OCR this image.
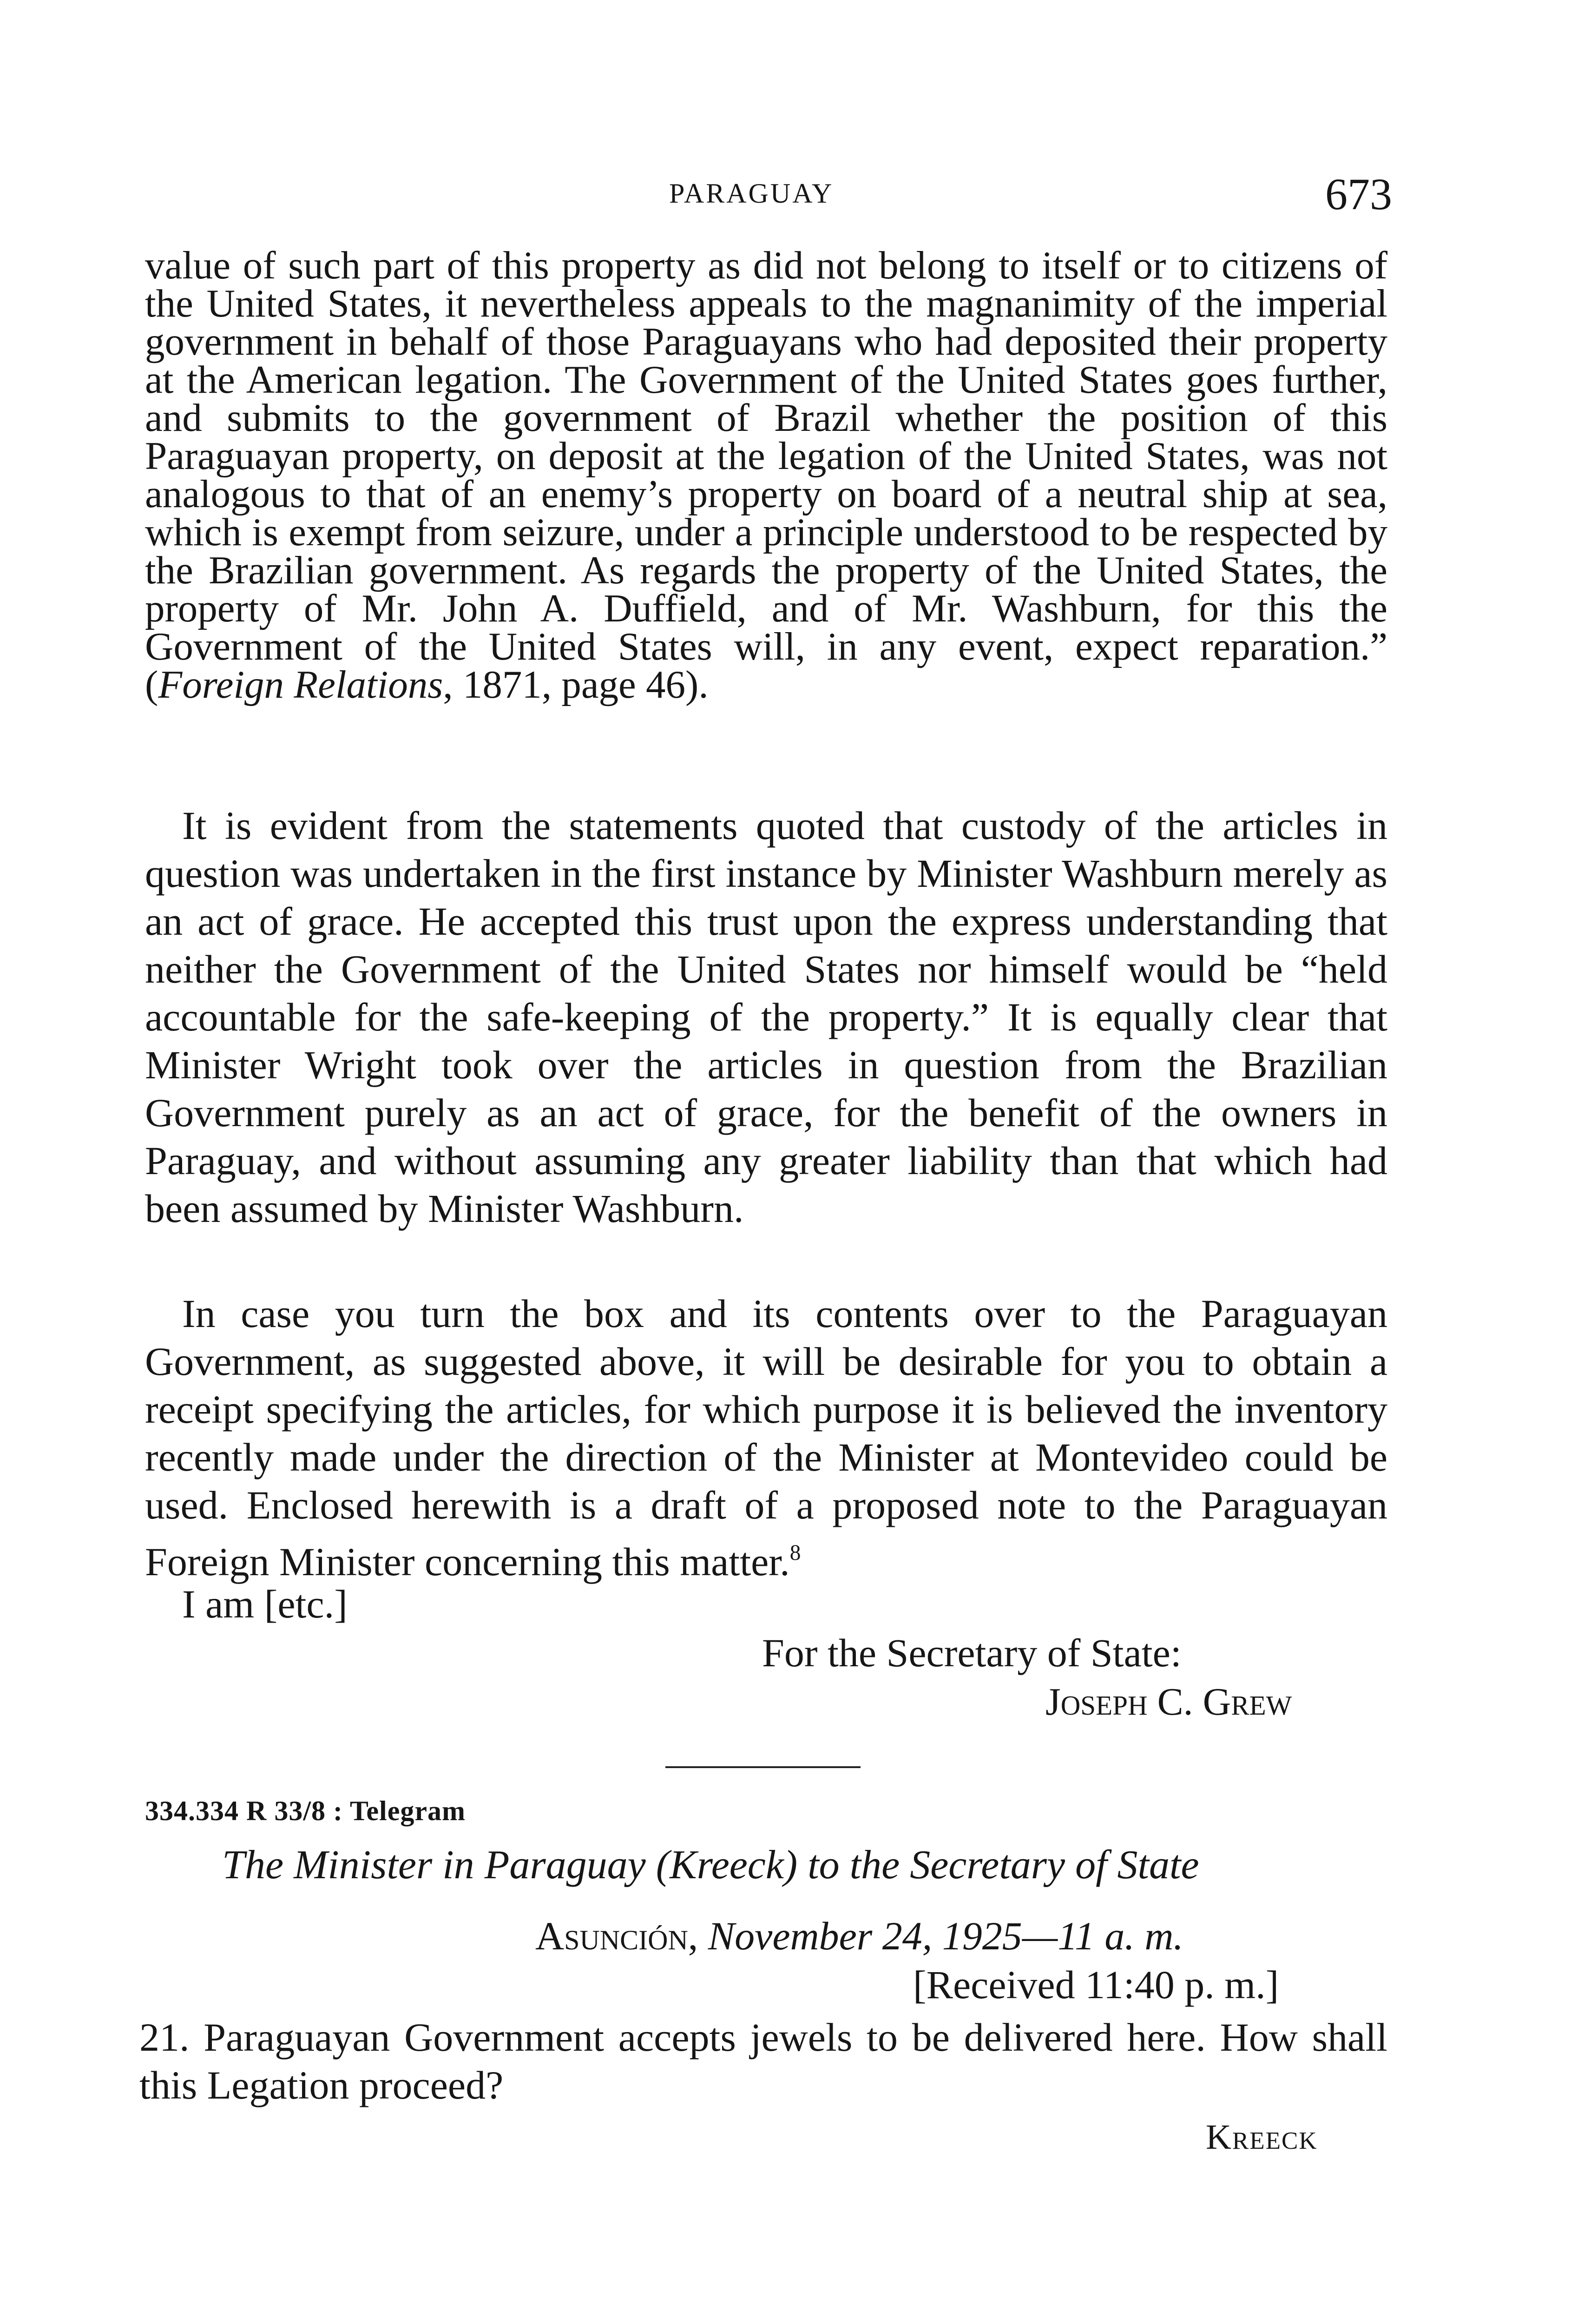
PARAGUAY	673

value of such part of this property as did not belong to itself or to citizens of the United States, it nevertheless appeals to the magnanimity of the imperial government in behalf of those Paraguayans who had deposited their property at the American legation. The Government of the United States goes further, and submits to the government of Brazil whether the position of this Paraguayan property, on deposit at the legation of the United States, was not analogous to that of an enemy’s property on board of a neutral ship at sea, which is exempt from seizure, under a principle understood to be respected by the Brazilian government. As regards the property of the United States, the property of Mr. John A. Duffield, and of Mr. Washburn, for this the Government of the United States will, in any event, expect reparation.” (Foreign Relations, 1871, page 46).

It is evident from the statements quoted that custody of the articles in question was undertaken in the first instance by Minister Washburn merely as an act of grace. He accepted this trust upon the express understanding that neither the Government of the United States nor himself would be “held accountable for the safe-keeping of the property.” It is equally clear that Minister Wright took over the articles in question from the Brazilian Government purely as an act of grace, for the benefit of the owners in Paraguay, and without assuming any greater liability than that which had been assumed by Minister Washburn.

In case you turn the box and its contents over to the Paraguayan Government, as suggested above, it will be desirable for you to obtain a receipt specifying the articles, for which purpose it is believed the inventory recently made under the direction of the Minister at Montevideo could be used. Enclosed herewith is a draft of a proposed note to the Paraguayan Foreign Minister concerning this matter.$^8$

I am [etc.]
For the Secretary of State:
Joseph C. Grew
334.334 R 33/8 : Telegram
The Minister in Paraguay (Kreeck) to the Secretary of State
Asunción, November 24, 1925—11 a. m.
[Received 11:40 p. m.]

21. Paraguayan Government accepts jewels to be delivered here. How shall this Legation proceed?

Kreeck
